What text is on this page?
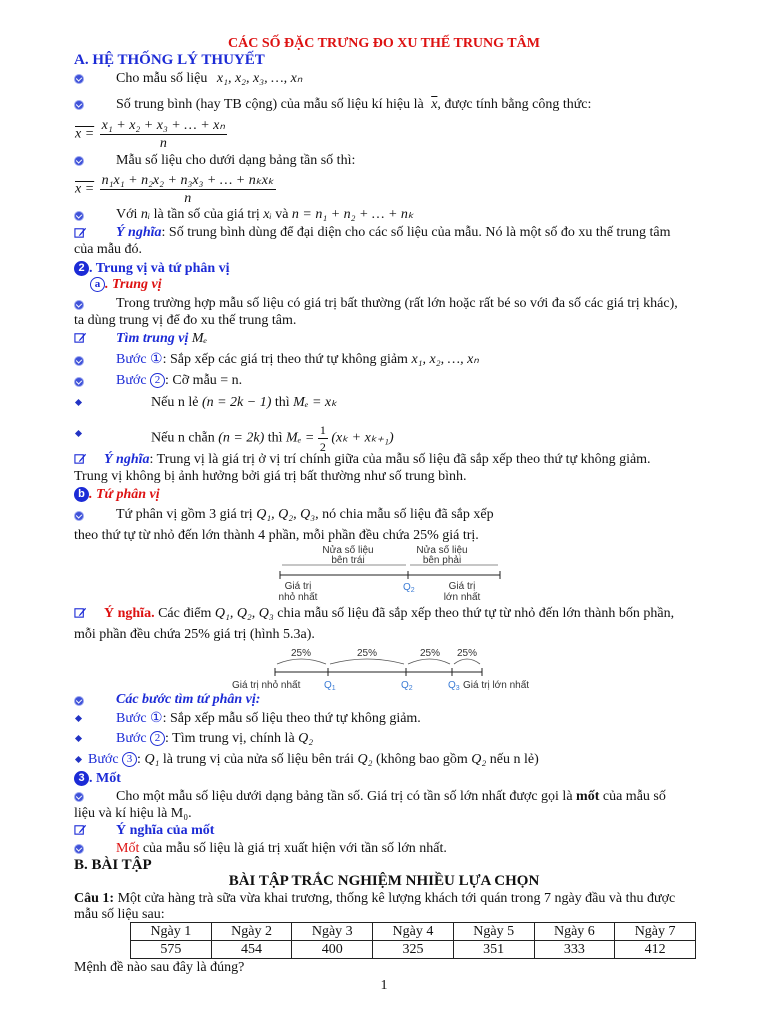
CÁC SỐ ĐẶC TRƯNG ĐO XU THẾ TRUNG TÂM
A. HỆ THỐNG LÝ THUYẾT
Cho mẫu số liệu x₁, x₂, x₃, …, xₙ
Số trung bình (hay TB cộng) của mẫu số liệu kí hiệu là $\overline{x}$, được tính bằng công thức:
$x = \frac{\text{x₁ + x₂ + x₃ + … + xₙ}}{n}$
Mẫu số liệu cho dưới dạng bảng tần số thì:
$x = \frac{\text{n₁x₁ + n₂x₂ + n₃x₃ + … + nₖxₖ}}{n}$
Với nᵢ là tần số của giá trị xᵢ và n = n₁ + n₂ + … + nₖ
Ý nghĩa: Số trung bình dùng để đại diện cho các số liệu của mẫu. Nó là một số đo xu thế trung tâm
của mẫu đó.
2 . Trung vị và tứ phân vị
a . Trung vị
Trong trường hợp mẫu số liệu có giá trị bất thường (rất lớn hoặc rất bé so với đa số các giá trị khác),
ta dùng trung vị để đo xu thế trung tâm.
Tìm trung vị Mₑ
Bước ①: Sắp xếp các giá trị theo thứ tự không giảm x₁, x₂, …, xₙ
Bước 2 : Cỡ mẫu = n.
Nếu n lẻ (n = 2k − 1) thì Mₑ = xₖ
Nếu n chẵn (n = 2k) thì $M_e = \frac{1}{2} (x_k + x_{k+1})$
Ý nghĩa: Trung vị là giá trị ở vị trí chính giữa của mẫu số liệu đã sắp xếp theo thứ tự không giảm.
Trung vị không bị ảnh hưởng bởi giá trị bất thường như số trung bình.
b . Tứ phân vị
Tứ phân vị gồm 3 giá trị Q₁, Q₂, Q₃, nó chia mẫu số liệu đã sắp xếp
theo thứ tự từ nhỏ đến lớn thành 4 phần, mỗi phần đều chứa 25% giá trị.
Nửa số liệu
bên trái
Nửa số liệu
bên phải
Giá trị
nhỏ nhất
$Q_2$	Giá trị
lớn nhất
Ý nghĩa. Các điểm Q₁, Q₂, Q₃ chia mẫu số liệu đã sắp xếp theo thứ tự từ nhỏ đến lớn thành bốn phần,
mỗi phần đều chứa 25% giá trị (hình 5.3a).
25%	25%	25% 25%
Giá trị nhỏ nhất $Q_1$	$Q_2$	$Q_3$ Giá trị lớn nhất
Các bước tìm tứ phân vị:
Bước ①: Sắp xếp mẫu số liệu theo thứ tự không giảm.
Bước 2 : Tìm trung vị, chính là Q₂
Bước 3 : Q₁ là trung vị của nửa số liệu bên trái Q₂ (không bao gồm Q₂ nếu n lẻ)
3 . Mốt
Cho một mẫu số liệu dưới dạng bảng tần số. Giá trị có tần số lớn nhất được gọi là mốt của mẫu số
liệu và kí hiệu là M₀.
Ý nghĩa của mốt
Mốt của mẫu số liệu là giá trị xuất hiện với tần số lớn nhất.
B. BÀI TẬP
BÀI TẬP TRẮC NGHIỆM NHIỀU LỰA CHỌN
Câu 1: Một cửa hàng trà sữa vừa khai trương, thống kê lượng khách tới quán trong 7 ngày đầu và thu được
mẫu số liệu sau:
Ngày 1	Ngày 2	Ngày 3	Ngày 4	Ngày 5	Ngày 6	Ngày 7
575	454	400	325	351	333	412
Mệnh đề nào sau đây là đúng?
1
